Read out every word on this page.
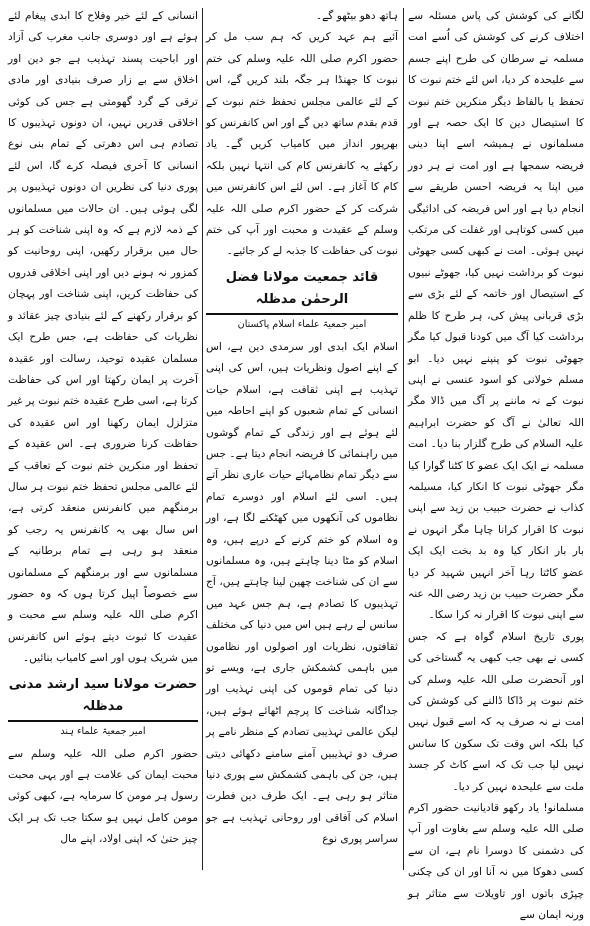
لگانے کی کوشش کی پاس مسئلہ سے اختلاف کرنے کی کوشش کی اُسے امت مسلمہ نے سرطان کی طرح اپنے جسم سے علیحدہ کر دیا، اس لئے ختم نبوت کا تحفظ یا بالفاظ دیگر منکرین ختم نبوت کا استیصال دین کا ایک حصہ ہے اور مسلمانوں نے ہمیشہ اسے اپنا دینی فریضہ سمجھا ہے اور امت نے ہر دور میں اپنا یہ فریضہ احسن طریقے سے انجام دیا ہے اور اس فریضہ کی ادائیگی میں کسی کوتاہی اور غفلت کی مرتکب نہیں ہوئی۔ امت نے کبھی کسی جھوٹی نبوت کو برداشت نہیں کیا، جھوٹے نبیوں کے استیصال اور خاتمہ کے لئے بڑی سے بڑی قربانی پیش کی، ہر طرح کا ظلم برداشت کیا آگ میں کودنا قبول کیا مگر جھوٹی نبوت کو پنپنے نہیں دیا۔ ابو مسلم خولانی کو اسود عنسی نے اپنی نبوت کے نہ ماننے پر آگ میں ڈالا مگر اللہ تعالیٰ نے آگ کو حضرت ابراہیم علیہ السلام کی طرح گلزار بنا دیا۔ امت مسلمہ نے ایک ایک عضو کا کٹنا گوارا کیا مگر جھوٹی نبوت کا انکار کیا، مسیلمہ کذاب نے حضرت حبیب بن زید سے اپنی نبوت کا اقرار کرانا چاہا مگر انہوں نے بار بار انکار کیا وہ بد بخت ایک ایک عضو کاٹتا رہا آخر انہیں شہید کر دیا مگر حضرت حبیب بن زید رضی اللہ عنہ سے اپنی نبوت کا اقرار نہ کرا سکا۔

پوری تاریخ اسلام گواہ ہے کہ جس کسی نے بھی جب کبھی یہ گستاخی کی اور آنحضرت صلی اللہ علیہ وسلم کی ختم نبوت پر ڈاکا ڈالنے کی کوشش کی امت نے نہ صرف یہ کہ اسے قبول نہیں کیا بلکہ اس وقت تک سکون کا سانس نہیں لیا جب تک کہ اسے کاٹ کر جسد ملت سے علیحدہ نہیں کر دیا۔

مسلمانو! یاد رکھو قادیانیت حضور اکرم صلی اللہ علیہ وسلم سے بغاوت اور آپ کی دشمنی کا دوسرا نام ہے، ان سے کسی دھوکا میں نہ آنا اور ان کی چکنی چپڑی باتوں اور تاویلات سے متاثر ہو ورنہ ایمان سے

ہاتھ دھو بیٹھو گے۔

آئیے ہم عہد کریں کہ ہم سب مل کر حضور اکرم صلی اللہ علیہ وسلم کی ختم نبوت کا جھنڈا ہر جگہ بلند کریں گے، اس کے لئے عالمی مجلس تحفظ ختم نبوت کے قدم بقدم ساتھ دیں گے اور اس کانفرنس کو بھرپور انداز میں کامیاب کریں گے۔ یاد رکھئے یہ کانفرنس کام کی انتہا نہیں بلکہ کام کا آغاز ہے۔ اس لئے اس کانفرنس میں شرکت کر کے حضور اکرم صلی اللہ علیہ وسلم کے عقیدت و محبت اور آپ کی ختم نبوت کی حفاظت کا جذبہ لے کر جائیے۔

قائد جمعیت مولانا فضل الرحمٰن مدظلہ
امیر جمعیۃ علماء اسلام پاکستان

اسلام ایک ابدی اور سرمدی دین ہے، اس کے اپنے اصول ونظریات ہیں، اس کی اپنی تہذیب ہے اپنی ثقافت ہے، اسلام حیات انسانی کے تمام شعبوں کو اپنے احاطہ میں لئے ہوئے ہے اور زندگی کے تمام گوشوں میں راہنمائی کا فریضہ انجام دیتا ہے۔ جس سے دیگر تمام نظامہائے حیات عاری نظر آتے ہیں۔ اسی لئے اسلام اور دوسرے تمام نظاموں کی آنکھوں میں کھٹکنے لگا ہے، اور وہ اسلام کو ختم کرنے کے درپے ہیں، وہ اسلام کو مٹا دینا چاہتے ہیں، وہ مسلمانوں سے ان کی شناخت چھین لینا چاہتے ہیں، آج تہذیبوں کا تصادم ہے، ہم جس عہد میں سانس لے رہے ہیں اس میں دنیا کی مختلف ثقافتوں، نظریات اور اصولوں اور نظاموں میں باہمی کشمکش جاری ہے، ویسے تو دنیا کی تمام قوموں کی اپنی تہذیب اور جداگانہ شناخت کا پرچم اٹھائے ہوئے ہیں، لیکن عالمی تہذیبی تصادم کے منظر نامے پر صرف دو تہذیبیں آمنے سامنے دکھائی دیتی ہیں، جن کی باہمی کشمکش سے پوری دنیا متاثر ہو رہی ہے۔ ایک طرف دین فطرت اسلام کی آفاقی اور روحانی تہذیب ہے جو سراسر پوری نوع

انسانی کے لئے خیر وفلاح کا ابدی پیغام لئے ہوئے ہے اور دوسری جانب مغرب کی آزاد اور اباحیت پسند تہذیب ہے جو دین اور اخلاق سے بے زار صرف بنیادی اور مادی ترقی کے گرد گھومتی ہے جس کی کوئی اخلاقی قدریں نہیں، ان دونوں تہذیبوں کا تصادم ہی اس دھرتی کے تمام بنی نوع انسانی کا آخری فیصلہ کرے گا، اس لئے پوری دنیا کی نظریں ان دونوں تہذیبوں پر لگی ہوئی ہیں۔ ان حالات میں مسلمانوں کے ذمہ لازم ہے کہ وہ اپنی شناخت کو ہر حال میں برقرار رکھیں، اپنی روحانیت کو کمزور نہ ہونے دیں اور اپنی اخلاقی قدروں کی حفاظت کریں، اپنی شناخت اور پہچان کو برقرار رکھنے کے لئے بنیادی چیز عقائد و نظریات کی حفاظت ہے، جس طرح ایک مسلمان عقیدہ توحید، رسالت اور عقیدہ آخرت پر ایمان رکھتا اور اس کی حفاظت کرتا ہے، اسی طرح عقیدہ ختم نبوت پر غیر متزلزل ایمان رکھنا اور اس عقیدہ کی حفاظت کرنا ضروری ہے۔ اس عقیدہ کے تحفظ اور منکرین ختم نبوت کے تعاقب کے لئے عالمی مجلس تحفظ ختم نبوت ہر سال برمنگھم میں کانفرنس منعقد کرتی ہے، اس سال بھی یہ کانفرنس یہ رجب کو منعقد ہو رہی ہے تمام برطانیہ کے مسلمانوں سے اور برمنگھم کے مسلمانوں سے خصوصاً اپیل کرتا ہوں کہ وہ حضور اکرم صلی اللہ علیہ وسلم سے محبت و عقیدت کا ثبوت دیتے ہوئے اس کانفرنس میں شریک ہوں اور اسے کامیاب بنائیں۔

حضرت مولانا سید ارشد مدنی مدظلہ
امیر جمعیۃ علماء ہند

حضور اکرم صلی اللہ علیہ وسلم سے محبت ایمان کی علامت ہے اور یہی محبت رسول ہر مومن کا سرمایہ ہے، کبھی کوئی مومن کامل نہیں ہو سکتا جب تک ہر ایک چیز حتیٰ کہ اپنی اولاد، اپنے مال
